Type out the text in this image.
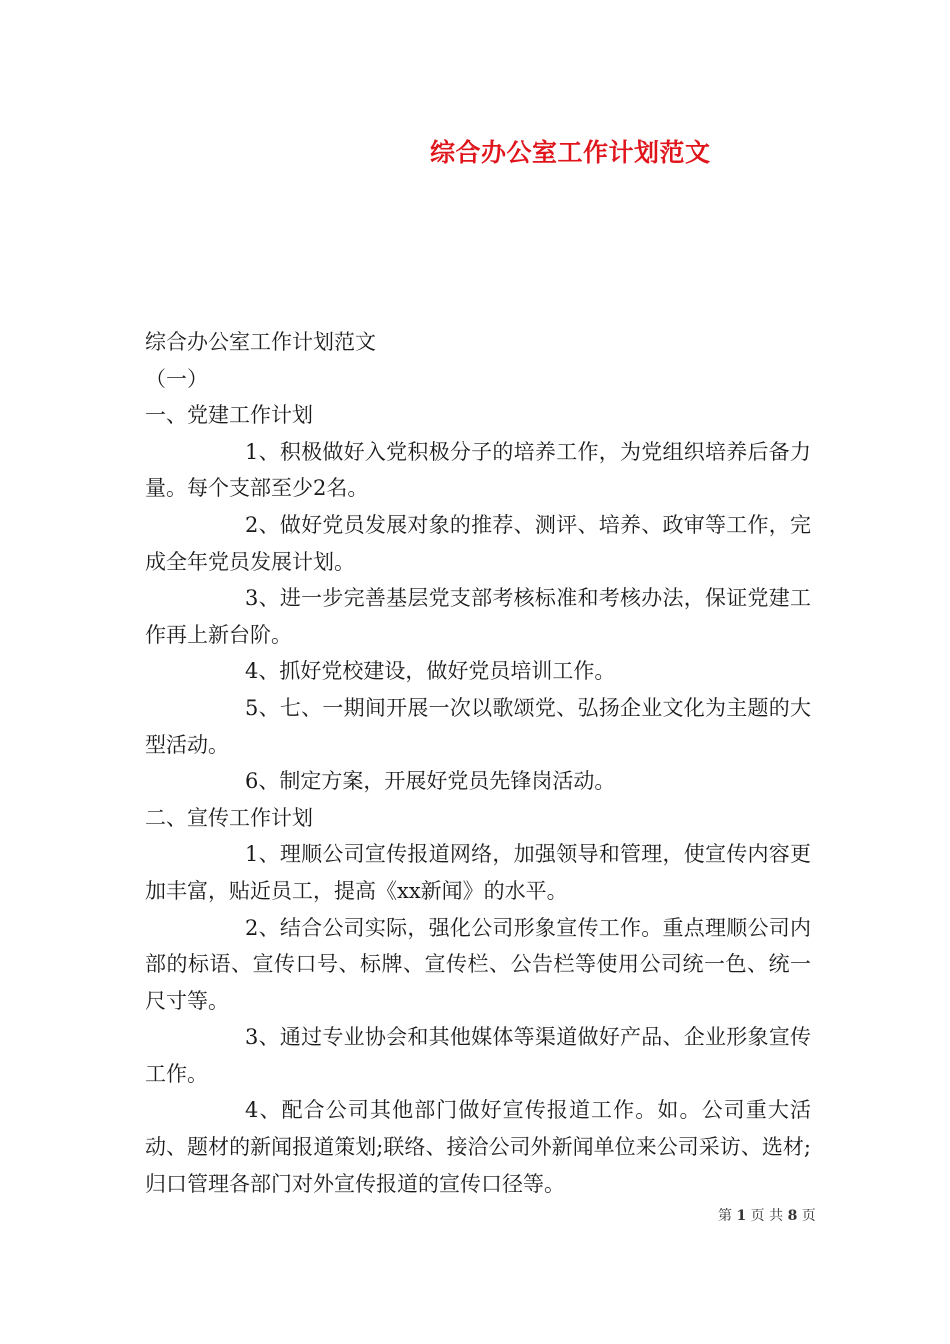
综合办公室工作计划范文

综合办公室工作计划范文

（一）

一、党建工作计划

1、积极做好入党积极分子的培养工作，为党组织培养后备力量。每个支部至少2名。

2、做好党员发展对象的推荐、测评、培养、政审等工作，完成全年党员发展计划。

3、进一步完善基层党支部考核标准和考核办法，保证党建工作再上新台阶。

4、抓好党校建设，做好党员培训工作。

5、七、一期间开展一次以歌颂党、弘扬企业文化为主题的大型活动。

6、制定方案，开展好党员先锋岗活动。

二、宣传工作计划

1、理顺公司宣传报道网络，加强领导和管理，使宣传内容更加丰富，贴近员工，提高《xx新闻》的水平。

2、结合公司实际，强化公司形象宣传工作。重点理顺公司内部的标语、宣传口号、标牌、宣传栏、公告栏等使用公司统一色、统一尺寸等。

3、通过专业协会和其他媒体等渠道做好产品、企业形象宣传工作。

4、配合公司其他部门做好宣传报道工作。如。公司重大活动、题材的新闻报道策划;联络、接洽公司外新闻单位来公司采访、选材;归口管理各部门对外宣传报道的宣传口径等。

第 1 页 共 8 页
